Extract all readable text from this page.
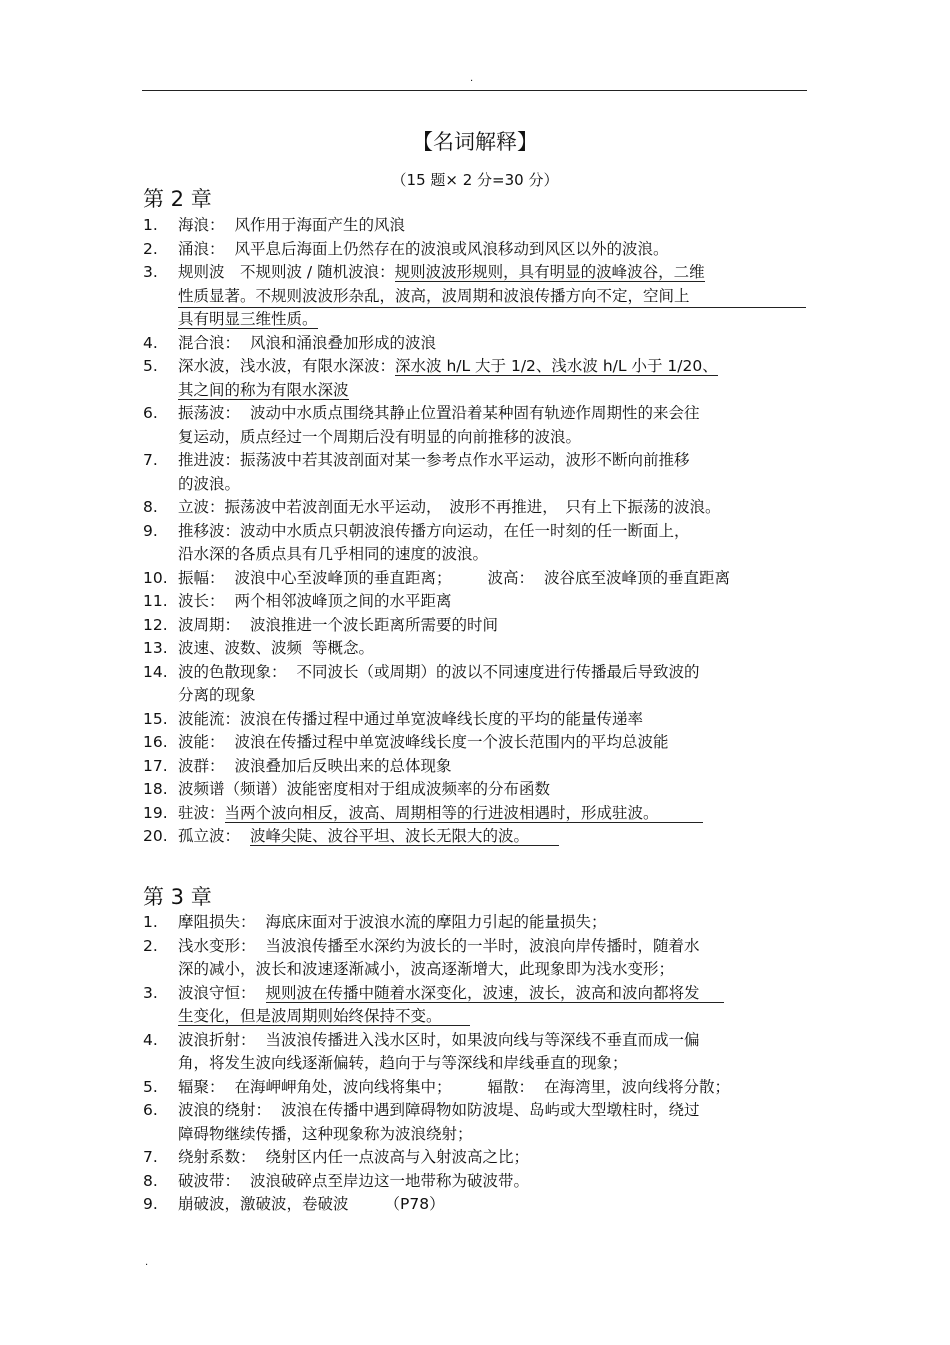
.
【名词解释】
（15 题× 2 分=30 分）
第 2 章
1.	海浪： 风作用于海面产生的风浪
2.	涌浪： 风平息后海面上仍然存在的波浪或风浪移动到风区以外的波浪。
3.	规则波　不规则波 / 随机波浪：规则波波形规则，具有明显的波峰波谷，二维
性质显著。不规则波波形杂乱，波高，波周期和波浪传播方向不定，空间上
具有明显三维性质。
4.	混合浪： 风浪和涌浪叠加形成的波浪
5.	深水波，浅水波，有限水深波：深水波 h/L 大于 1/2、浅水波 h/L 小于 1/20、
其之间的称为有限水深波
6.	振荡波： 波动中水质点围绕其静止位置沿着某种固有轨迹作周期性的来会往
复运动，质点经过一个周期后没有明显的向前推移的波浪。
7.	推进波：振荡波中若其波剖面对某一参考点作水平运动，波形不断向前推移
的波浪。
8.	立波：振荡波中若波剖面无水平运动，　波形不再推进，　只有上下振荡的波浪。
9.	推移波：波动中水质点只朝波浪传播方向运动，在任一时刻的任一断面上，
沿水深的各质点具有几乎相同的速度的波浪。
10. 振幅： 波浪中心至波峰顶的垂直距离； 波高： 波谷底至波峰顶的垂直距离
11. 波长： 两个相邻波峰顶之间的水平距离
12. 波周期： 波浪推进一个波长距离所需要的时间
13. 波速、波数、波频 等概念。
14. 波的色散现象： 不同波长（或周期）的波以不同速度进行传播最后导致波的
分离的现象
15. 波能流：波浪在传播过程中通过单宽波峰线长度的平均的能量传递率
16. 波能： 波浪在传播过程中单宽波峰线长度一个波长范围内的平均总波能
17. 波群： 波浪叠加后反映出来的总体现象
18. 波频谱（频谱）波能密度相对于组成波频率的分布函数
19. 驻波：当两个波向相反，波高、周期相等的行进波相遇时，形成驻波。
20. 孤立波： 波峰尖陡、波谷平坦、波长无限大的波。
第 3 章
1.	摩阻损失： 海底床面对于波浪水流的摩阻力引起的能量损失；
2.	浅水变形： 当波浪传播至水深约为波长的一半时，波浪向岸传播时，随着水
深的减小，波长和波速逐渐减小，波高逐渐增大，此现象即为浅水变形；
3.	波浪守恒： 规则波在传播中随着水深变化，波速，波长，波高和波向都将发
生变化，但是波周期则始终保持不变。
4.	波浪折射： 当波浪传播进入浅水区时，如果波向线与等深线不垂直而成一偏
角，将发生波向线逐渐偏转，趋向于与等深线和岸线垂直的现象；
5.	辐聚： 在海岬岬角处，波向线将集中； 辐散： 在海湾里，波向线将分散；
6.	波浪的绕射： 波浪在传播中遇到障碍物如防波堤、岛屿或大型墩柱时，绕过
障碍物继续传播，这种现象称为波浪绕射；
7.	绕射系数： 绕射区内任一点波高与入射波高之比；
8.	破波带： 波浪破碎点至岸边这一地带称为破波带。
9.	崩破波，激破波，卷破波 （P78）
.
